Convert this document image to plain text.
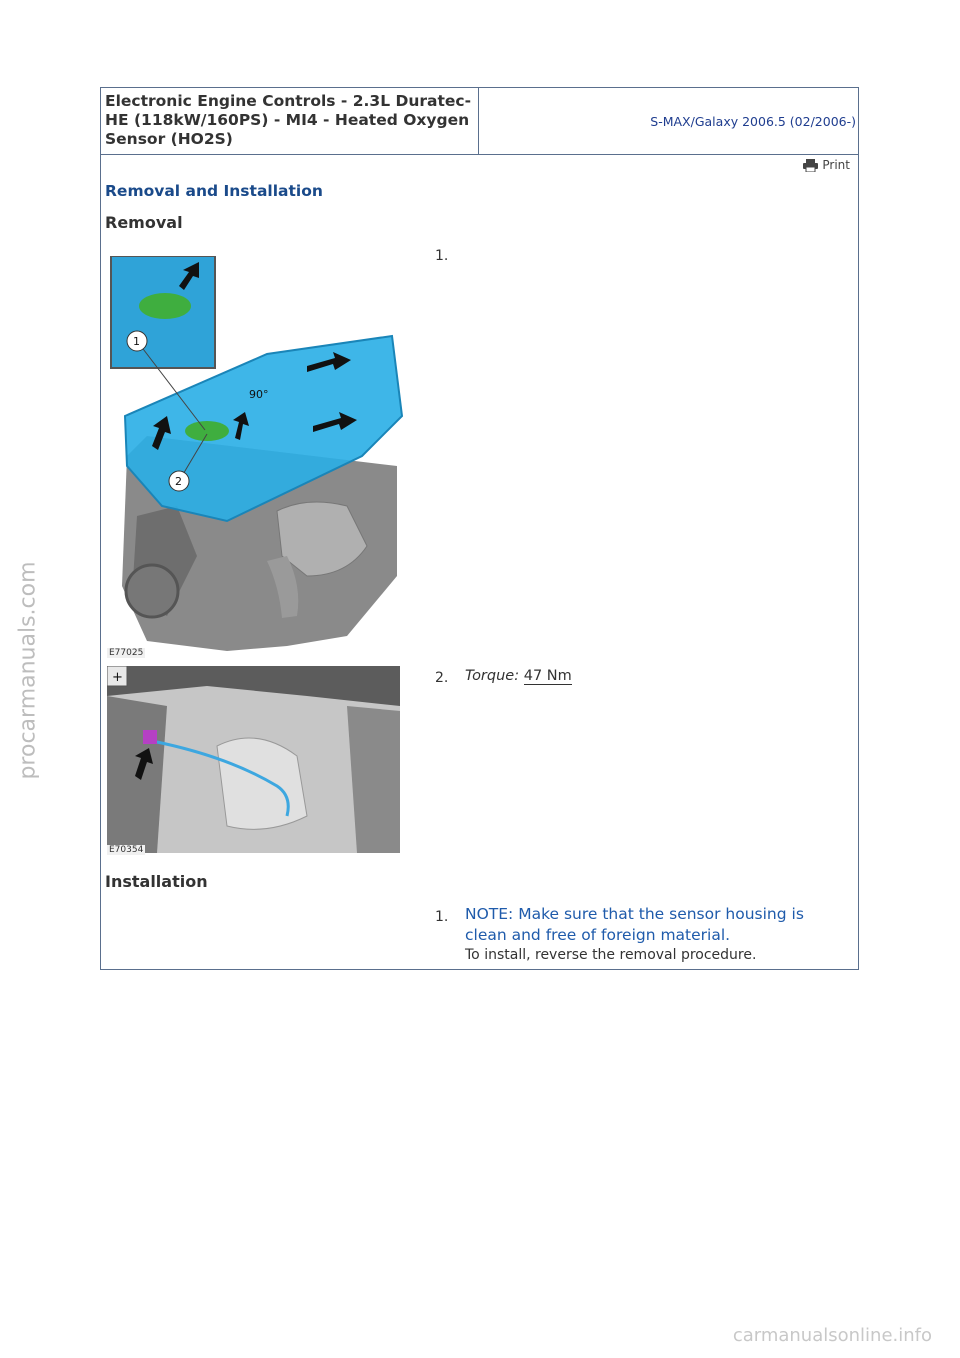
procarmanuals.com
Electronic Engine Controls - 2.3L Duratec-HE (118kW/160PS) - MI4 - Heated Oxygen Sensor (HO2S)
S-MAX/Galaxy 2006.5 (02/2006-)
Print
Removal and Installation
Removal
90°
1
2
E77025
1.
+
E70354
2. Torque: 47 Nm
Installation
1. NOTE: Make sure that the sensor housing is clean and free of foreign material.
To install, reverse the removal procedure.
carmanualsonline.info
